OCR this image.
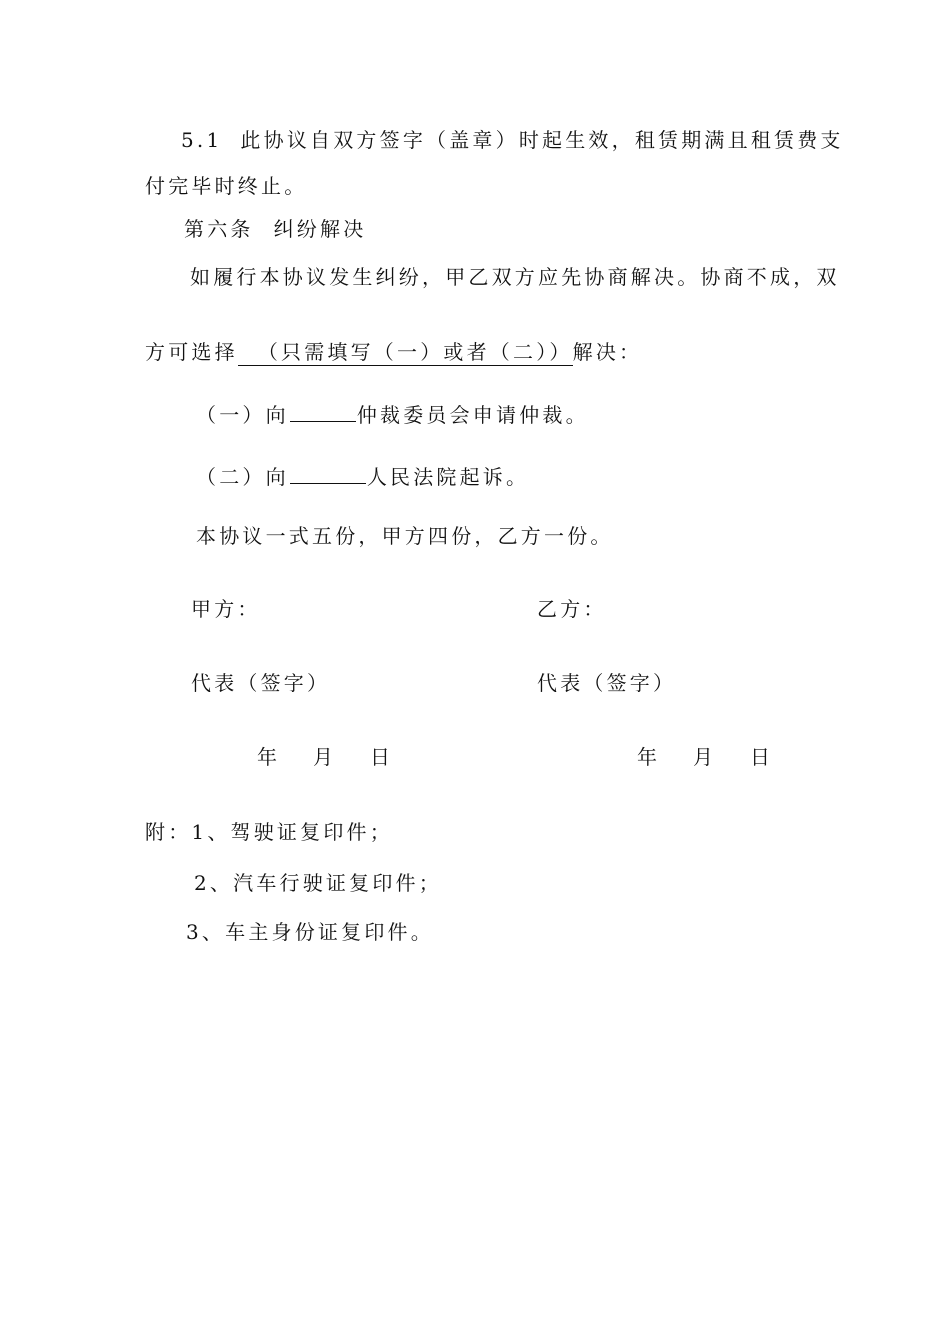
5.1 此协议自双方签字（盖章）时起生效，租赁期满且租赁费支
付完毕时终止。
第六条 纠纷解决
如履行本协议发生纠纷，甲乙双方应先协商解决。协商不成，双
方可选择 （只需填写（一）或者（二））解决：
（一）向	仲裁委员会申请仲裁。
（二）向	人民法院起诉。
本协议一式五份，甲方四份，乙方一份。
甲方：	乙方：
代表（签字）	代表（签字）
年 月 日	年 月 日
附：1、驾驶证复印件；
2、汽车行驶证复印件；
3、车主身份证复印件。
